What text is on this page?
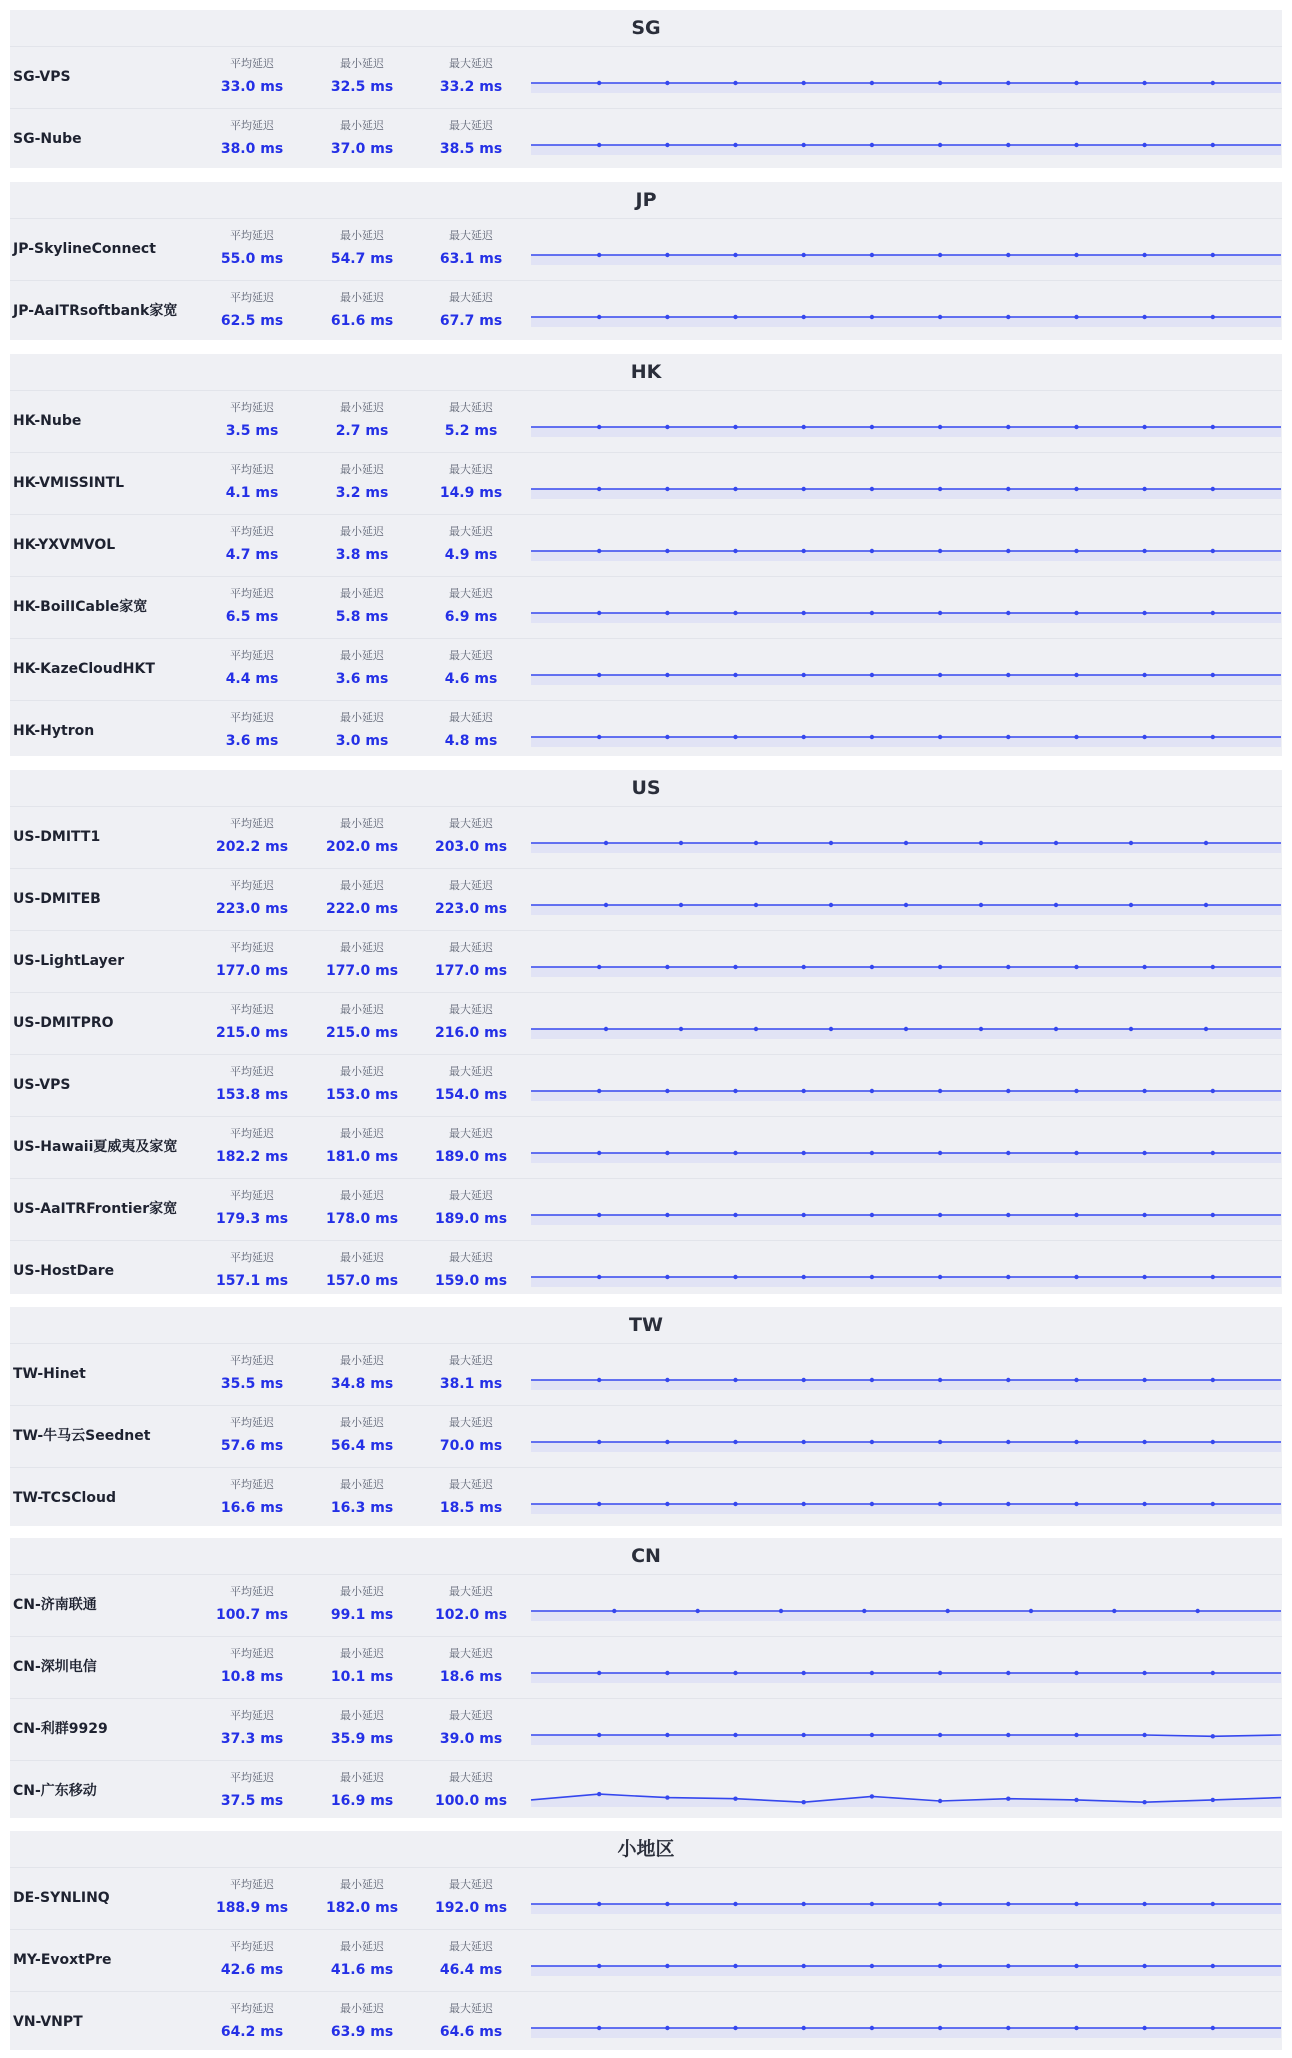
SG
SG-VPS
平均延迟
33.0 ms
最小延迟
32.5 ms
最大延迟
33.2 ms
SG-Nube
平均延迟
38.0 ms
最小延迟
37.0 ms
最大延迟
38.5 ms
JP
JP-SkylineConnect
平均延迟
55.0 ms
最小延迟
54.7 ms
最大延迟
63.1 ms
JP-AaITRsoftbank家宽
平均延迟
62.5 ms
最小延迟
61.6 ms
最大延迟
67.7 ms
HK
HK-Nube
平均延迟
3.5 ms
最小延迟
2.7 ms
最大延迟
5.2 ms
HK-VMISSINTL
平均延迟
4.1 ms
最小延迟
3.2 ms
最大延迟
14.9 ms
HK-YXVMVOL
平均延迟
4.7 ms
最小延迟
3.8 ms
最大延迟
4.9 ms
HK-BoilICable家宽
平均延迟
6.5 ms
最小延迟
5.8 ms
最大延迟
6.9 ms
HK-KazeCloudHKT
平均延迟
4.4 ms
最小延迟
3.6 ms
最大延迟
4.6 ms
HK-Hytron
平均延迟
3.6 ms
最小延迟
3.0 ms
最大延迟
4.8 ms
US
US-DMITT1
平均延迟
202.2 ms
最小延迟
202.0 ms
最大延迟
203.0 ms
US-DMITEB
平均延迟
223.0 ms
最小延迟
222.0 ms
最大延迟
223.0 ms
US-LightLayer
平均延迟
177.0 ms
最小延迟
177.0 ms
最大延迟
177.0 ms
US-DMITPRO
平均延迟
215.0 ms
最小延迟
215.0 ms
最大延迟
216.0 ms
US-VPS
平均延迟
153.8 ms
最小延迟
153.0 ms
最大延迟
154.0 ms
US-Hawaii夏威夷及家宽
平均延迟
182.2 ms
最小延迟
181.0 ms
最大延迟
189.0 ms
US-AaITRFrontier家宽
平均延迟
179.3 ms
最小延迟
178.0 ms
最大延迟
189.0 ms
US-HostDare
平均延迟
157.1 ms
最小延迟
157.0 ms
最大延迟
159.0 ms
TW
TW-Hinet
平均延迟
35.5 ms
最小延迟
34.8 ms
最大延迟
38.1 ms
TW-牛马云Seednet
平均延迟
57.6 ms
最小延迟
56.4 ms
最大延迟
70.0 ms
TW-TCSCloud
平均延迟
16.6 ms
最小延迟
16.3 ms
最大延迟
18.5 ms
CN
CN-济南联通
平均延迟
100.7 ms
最小延迟
99.1 ms
最大延迟
102.0 ms
CN-深圳电信
平均延迟
10.8 ms
最小延迟
10.1 ms
最大延迟
18.6 ms
CN-利群9929
平均延迟
37.3 ms
最小延迟
35.9 ms
最大延迟
39.0 ms
CN-广东移动
平均延迟
37.5 ms
最小延迟
16.9 ms
最大延迟
100.0 ms
小地区
DE-SYNLINQ
平均延迟
188.9 ms
最小延迟
182.0 ms
最大延迟
192.0 ms
MY-EvoxtPre
平均延迟
42.6 ms
最小延迟
41.6 ms
最大延迟
46.4 ms
VN-VNPT
平均延迟
64.2 ms
最小延迟
63.9 ms
最大延迟
64.6 ms
